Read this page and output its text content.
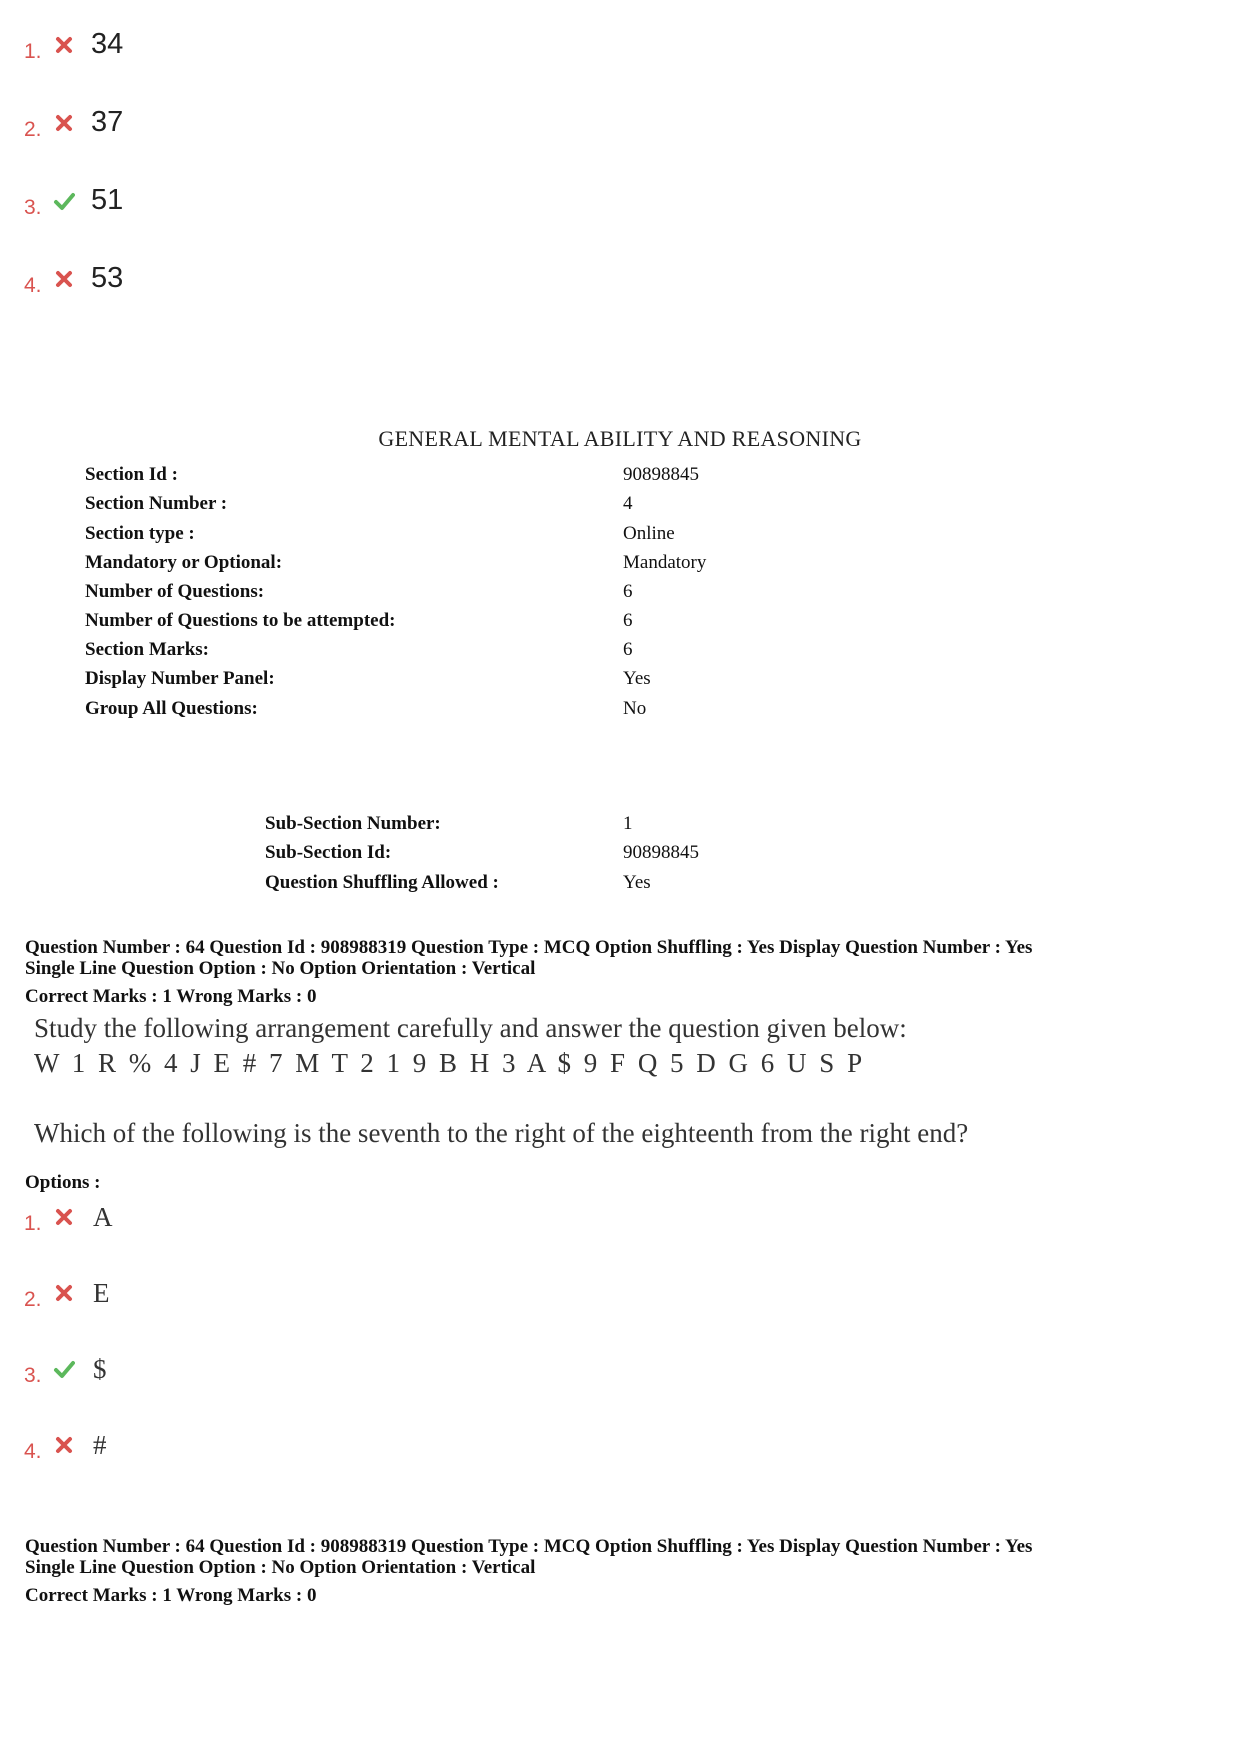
1. 34
2. 37
3. 51
4. 53
GENERAL MENTAL ABILITY AND REASONING
Section Id :	90898845
Section Number :	4
Section type :	Online
Mandatory or Optional:	Mandatory
Number of Questions:	6
Number of Questions to be attempted:	6
Section Marks:	6
Display Number Panel:	Yes
Group All Questions:	No
Sub-Section Number:	1
Sub-Section Id:	90898845
Question Shuffling Allowed :	Yes
Question Number : 64 Question Id : 908988319 Question Type : MCQ Option Shuffling : Yes Display Question Number : Yes
Single Line Question Option : No Option Orientation : Vertical
Correct Marks : 1 Wrong Marks : 0
Study the following arrangement carefully and answer the question given below:
W 1 R % 4 J E # 7 M T 2 1 9 B H 3 A $ 9 F Q 5 D G 6 U S P
Which of the following is the seventh to the right of the eighteenth from the right end?
Options :
1. A
2. E
3. $
4. #
Question Number : 64 Question Id : 908988319 Question Type : MCQ Option Shuffling : Yes Display Question Number : Yes
Single Line Question Option : No Option Orientation : Vertical
Correct Marks : 1 Wrong Marks : 0
